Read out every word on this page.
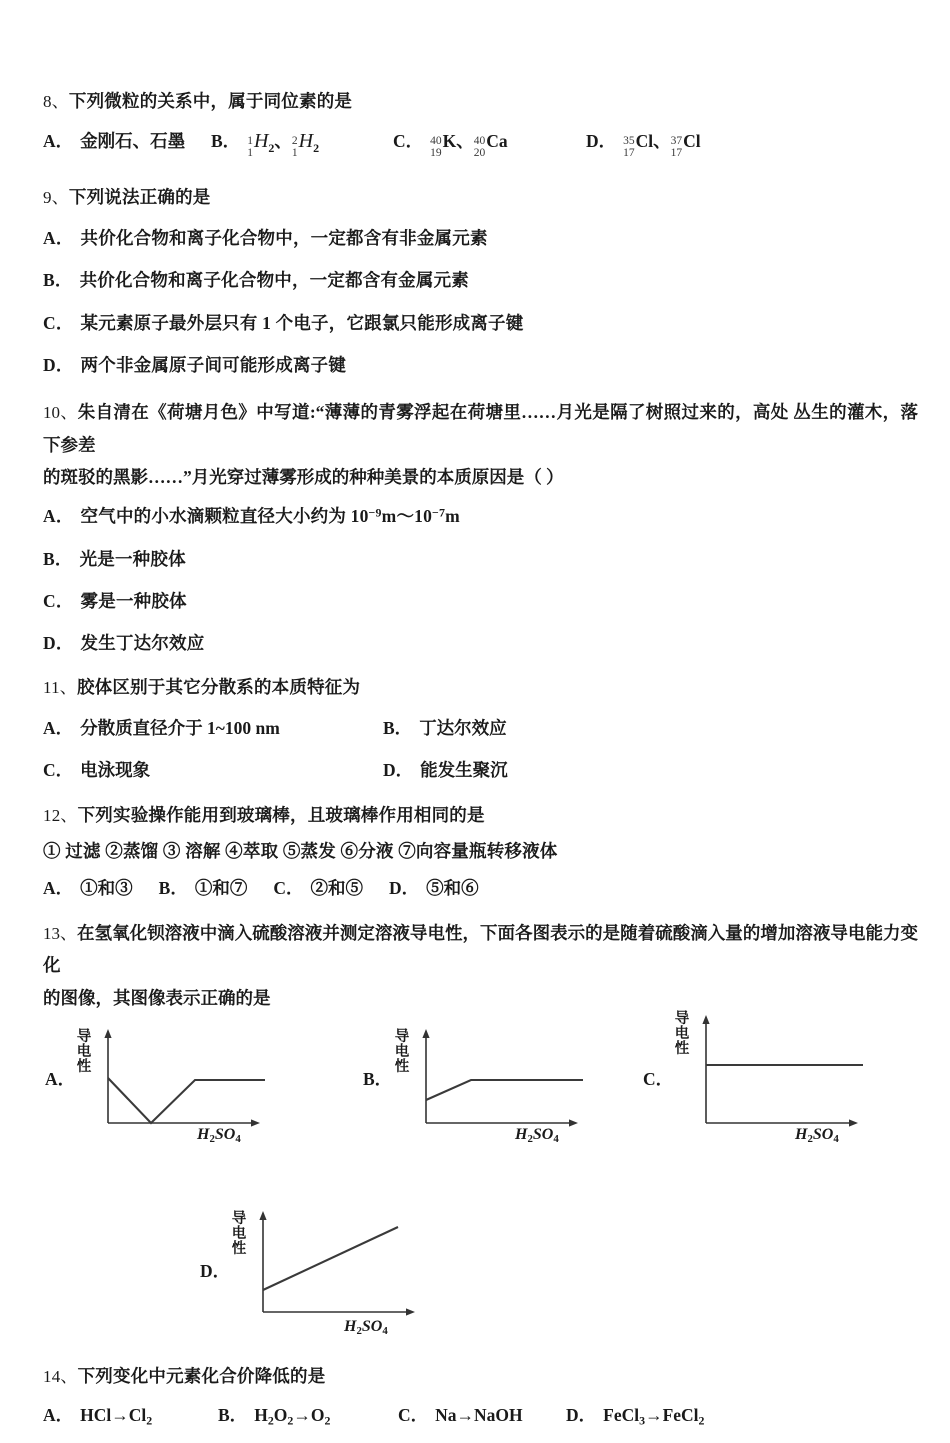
8、下列微粒的关系中，属于同位素的是
A． 金刚石、石墨	B． 1
1
$H_2$、 2
1
$H_2$	C． 40
19
K、 40
20
Ca	D． 35
17
Cl、 37
17
Cl
9、下列说法正确的是
A． 共价化合物和离子化合物中，一定都含有非金属元素
B． 共价化合物和离子化合物中，一定都含有金属元素
C． 某元素原子最外层只有 1 个电子，它跟氯只能形成离子键
D． 两个非金属原子间可能形成离子键
10、朱自清在《荷塘月色》中写道:“薄薄的青雾浮起在荷塘里……月光是隔了树照过来的，高处 丛生的灌木，落下参差
的斑驳的黑影……”月光穿过薄雾形成的种种美景的本质原因是（ ）
A． 空气中的小水滴颗粒直径大小约为 $10^{-9}m\sim 10^{-7}m$
B． 光是一种胶体
C． 雾是一种胶体
D． 发生丁达尔效应
11、胶体区别于其它分散系的本质特征为
A． 分散质直径介于 1~100 nm	B． 丁达尔效应
C． 电泳现象	D． 能发生聚沉
12、下列实验操作能用到玻璃棒，且玻璃棒作用相同的是
① 过滤 ②蒸馏 ③ 溶解 ④萃取 ⑤蒸发 ⑥分液 ⑦向容量瓶转移液体
A． ①和③ B． ①和⑦ C． ②和⑤ D． ⑤和⑥
13、在氢氧化钡溶液中滴入硫酸溶液并测定溶液导电性，下面各图表示的是随着硫酸滴入量的增加溶液导电能力变化
的图像，其图像表示正确的是
A．
导电性
$H_2SO_4$
B．
导电性
$H_2SO_4$
C．
导电性
$H_2SO_4$
D．
导电性
$H_2SO_4$
14、下列变化中元素化合价降低的是
A． $HCl\to Cl_2$	B． $H_2O_2\to O_2$	C． Na→NaOH	D． FeCl$_3$→FeCl$_2$
